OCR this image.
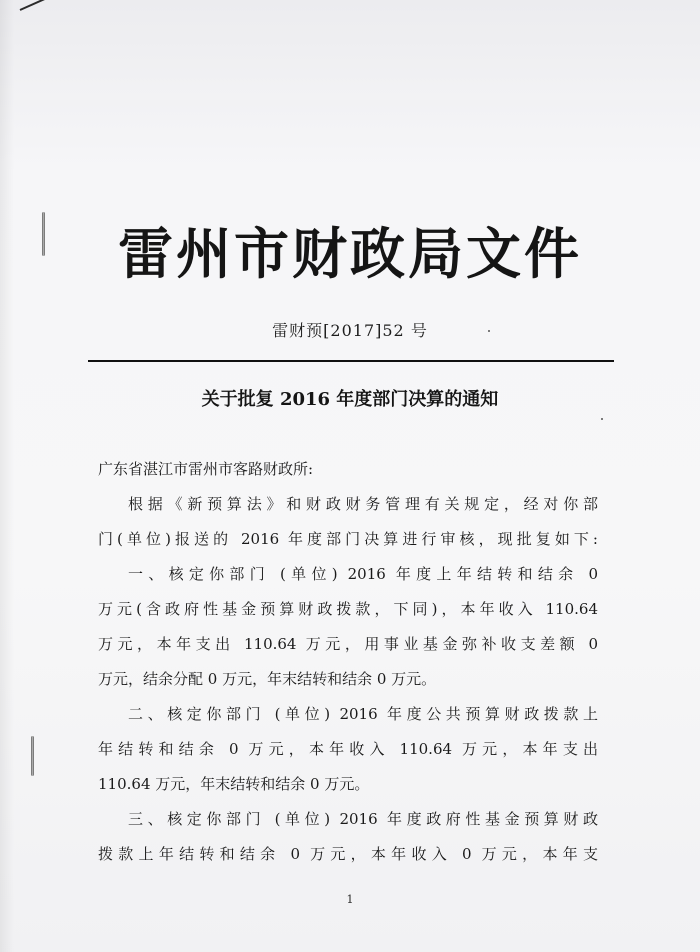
雷州市财政局文件
雷财预[2017]52 号
关于批复 2016 年度部门决算的通知
广东省湛江市雷州市客路财政所:
根据《新预算法》和财政财务管理有关规定，经对你部
门(单位)报送的 2016 年度部门决算进行审核，现批复如下:
一、核定你部门 (单位) 2016 年度上年结转和结余 0
万元(含政府性基金预算财政拨款，下同)，本年收入 110.64
万元，本年支出 110.64 万元，用事业基金弥补收支差额 0
万元，结余分配 0 万元，年末结转和结余 0 万元。
二、核定你部门 (单位) 2016 年度公共预算财政拨款上
年结转和结余 0 万元，本年收入 110.64 万元，本年支出
110.64 万元，年末结转和结余 0 万元。
三、核定你部门 (单位) 2016 年度政府性基金预算财政
拨款上年结转和结余 0 万元，本年收入 0 万元，本年支
1
